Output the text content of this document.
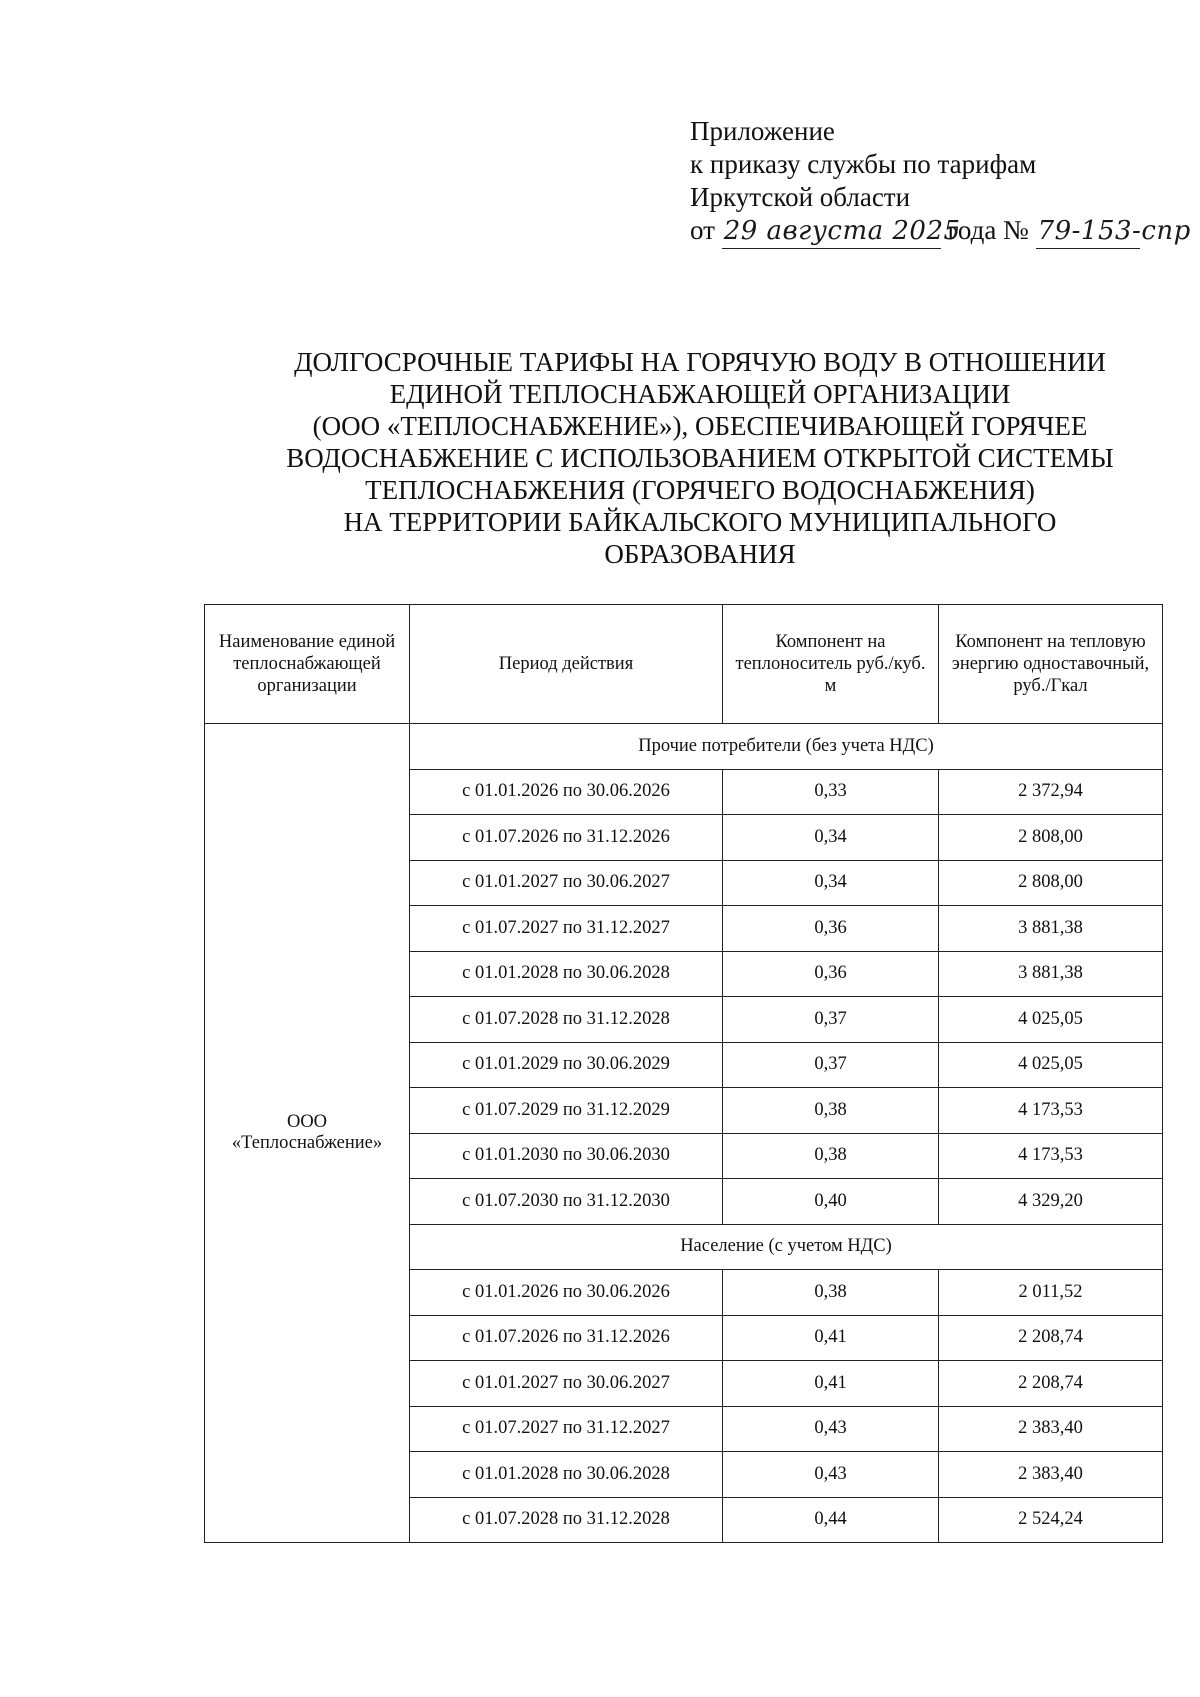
Приложение
к приказу службы по тарифам
Иркутской области
от 29 августа 2025 года № 79-153-спр
ДОЛГОСРОЧНЫЕ ТАРИФЫ НА ГОРЯЧУЮ ВОДУ В ОТНОШЕНИИ
ЕДИНОЙ ТЕПЛОСНАБЖАЮЩЕЙ ОРГАНИЗАЦИИ
(ООО «ТЕПЛОСНАБЖЕНИЕ»), ОБЕСПЕЧИВАЮЩЕЙ ГОРЯЧЕЕ
ВОДОСНАБЖЕНИЕ С ИСПОЛЬЗОВАНИЕМ ОТКРЫТОЙ СИСТЕМЫ
ТЕПЛОСНАБЖЕНИЯ (ГОРЯЧЕГО ВОДОСНАБЖЕНИЯ)
НА ТЕРРИТОРИИ БАЙКАЛЬСКОГО МУНИЦИПАЛЬНОГО
ОБРАЗОВАНИЯ
Наименование единой теплоснабжающей организации	Период действия	Компонент на теплоноситель руб./куб. м	Компонент на тепловую энергию одноставочный, руб./Гкал

ООО
«Теплоснабжение»	Прочие потребители (без учета НДС)		
	с 01.01.2026 по 30.06.2026	0,33	2 372,94
	с 01.07.2026 по 31.12.2026	0,34	2 808,00
	с 01.01.2027 по 30.06.2027	0,34	2 808,00
	с 01.07.2027 по 31.12.2027	0,36	3 881,38
	с 01.01.2028 по 30.06.2028	0,36	3 881,38
	с 01.07.2028 по 31.12.2028	0,37	4 025,05
	с 01.01.2029 по 30.06.2029	0,37	4 025,05
	с 01.07.2029 по 31.12.2029	0,38	4 173,53
	с 01.01.2030 по 30.06.2030	0,38	4 173,53
	с 01.07.2030 по 31.12.2030	0,40	4 329,20
	Население (с учетом НДС)		
	с 01.01.2026 по 30.06.2026	0,38	2 011,52
	с 01.07.2026 по 31.12.2026	0,41	2 208,74
	с 01.01.2027 по 30.06.2027	0,41	2 208,74
	с 01.07.2027 по 31.12.2027	0,43	2 383,40
	с 01.01.2028 по 30.06.2028	0,43	2 383,40
	с 01.07.2028 по 31.12.2028	0,44	2 524,24
